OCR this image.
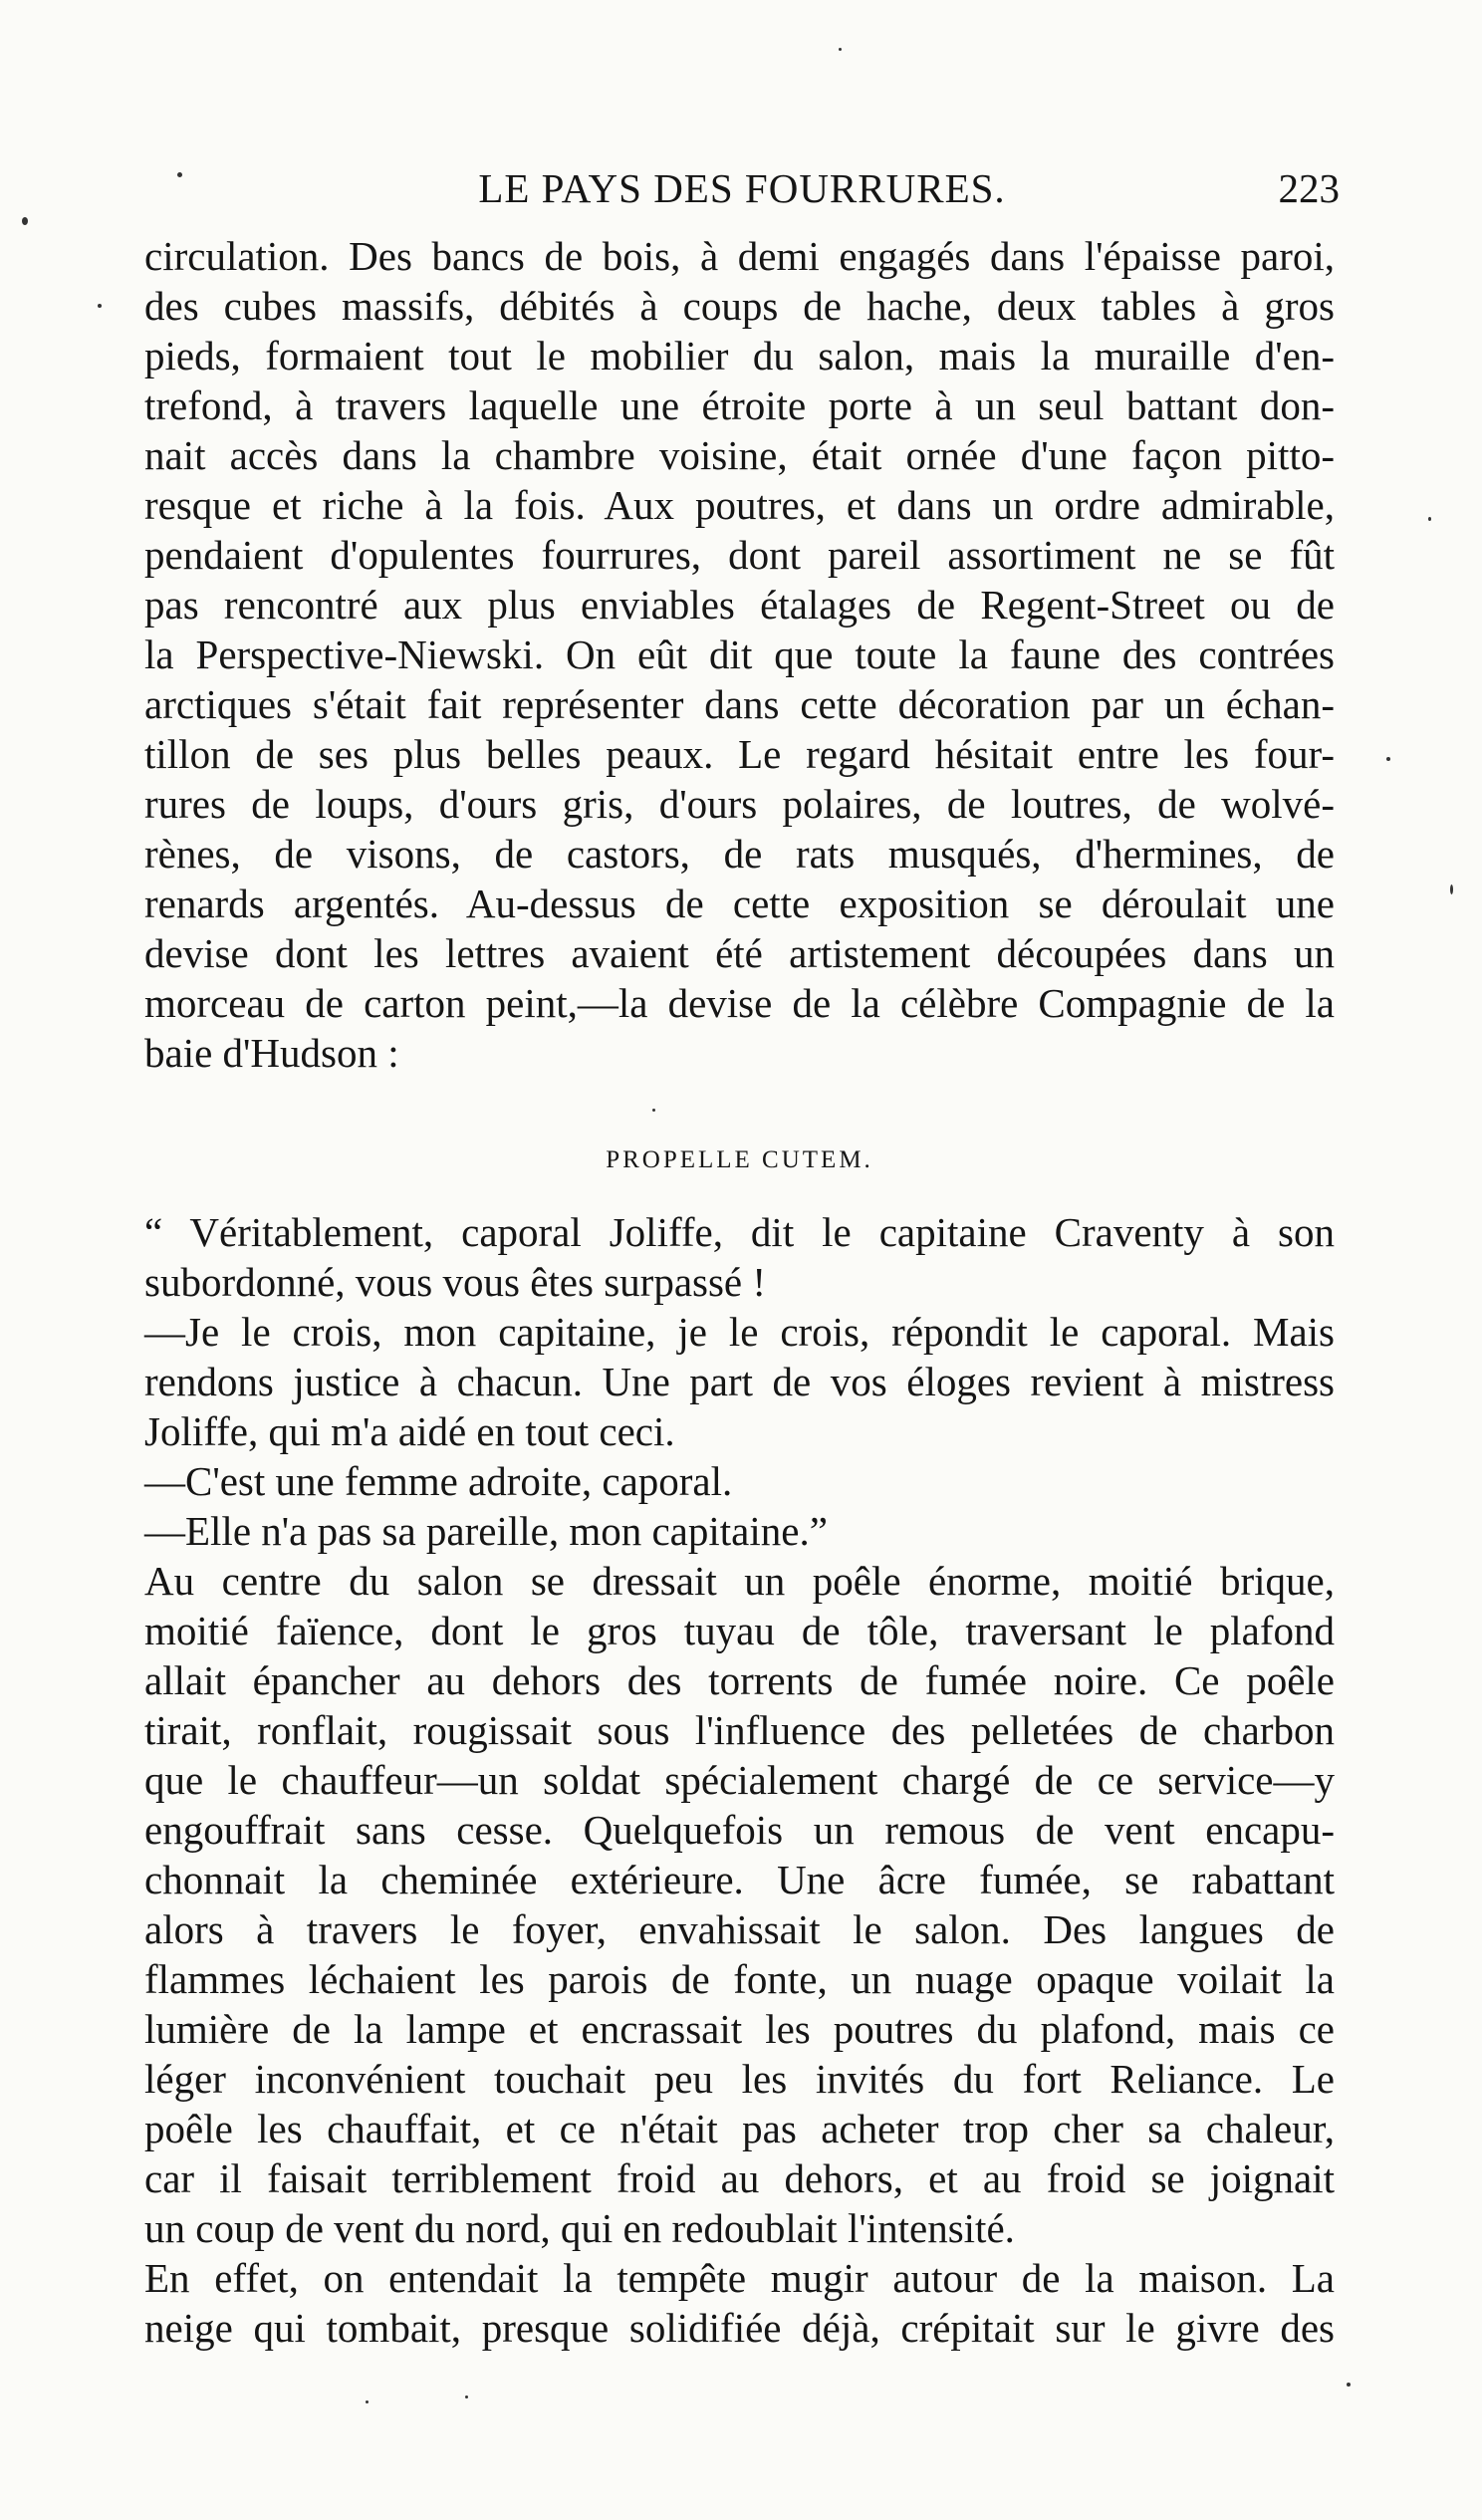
LE PAYS DES FOURRURES.	223
circulation. Des bancs de bois, à demi engagés dans l'épaisse paroi,
des cubes massifs, débités à coups de hache, deux tables à gros
pieds, formaient tout le mobilier du salon, mais la muraille d'en-
trefond, à travers laquelle une étroite porte à un seul battant don-
nait accès dans la chambre voisine, était ornée d'une façon pitto-
resque et riche à la fois. Aux poutres, et dans un ordre admirable,
pendaient d'opulentes fourrures, dont pareil assortiment ne se fût
pas rencontré aux plus enviables étalages de Regent-Street ou de
la Perspective-Niewski. On eût dit que toute la faune des contrées
arctiques s'était fait représenter dans cette décoration par un échan-
tillon de ses plus belles peaux. Le regard hésitait entre les four-
rures de loups, d'ours gris, d'ours polaires, de loutres, de wolvé-
rènes, de visons, de castors, de rats musqués, d'hermines, de
renards argentés. Au-dessus de cette exposition se déroulait une
devise dont les lettres avaient été artistement découpées dans un
morceau de carton peint,—la devise de la célèbre Compagnie de la
baie d'Hudson :
PROPELLE CUTEM.
“ Véritablement, caporal Joliffe, dit le capitaine Craventy à son
subordonné, vous vous êtes surpassé !
—Je le crois, mon capitaine, je le crois, répondit le caporal. Mais
rendons justice à chacun. Une part de vos éloges revient à mistress
Joliffe, qui m'a aidé en tout ceci.
—C'est une femme adroite, caporal.
—Elle n'a pas sa pareille, mon capitaine.”
Au centre du salon se dressait un poêle énorme, moitié brique,
moitié faïence, dont le gros tuyau de tôle, traversant le plafond
allait épancher au dehors des torrents de fumée noire. Ce poêle
tirait, ronflait, rougissait sous l'influence des pelletées de charbon
que le chauffeur—un soldat spécialement chargé de ce service—y
engouffrait sans cesse. Quelquefois un remous de vent encapu-
chonnait la cheminée extérieure. Une âcre fumée, se rabattant
alors à travers le foyer, envahissait le salon. Des langues de
flammes léchaient les parois de fonte, un nuage opaque voilait la
lumière de la lampe et encrassait les poutres du plafond, mais ce
léger inconvénient touchait peu les invités du fort Reliance. Le
poêle les chauffait, et ce n'était pas acheter trop cher sa chaleur,
car il faisait terriblement froid au dehors, et au froid se joignait
un coup de vent du nord, qui en redoublait l'intensité.
En effet, on entendait la tempête mugir autour de la maison. La
neige qui tombait, presque solidifiée déjà, crépitait sur le givre des
